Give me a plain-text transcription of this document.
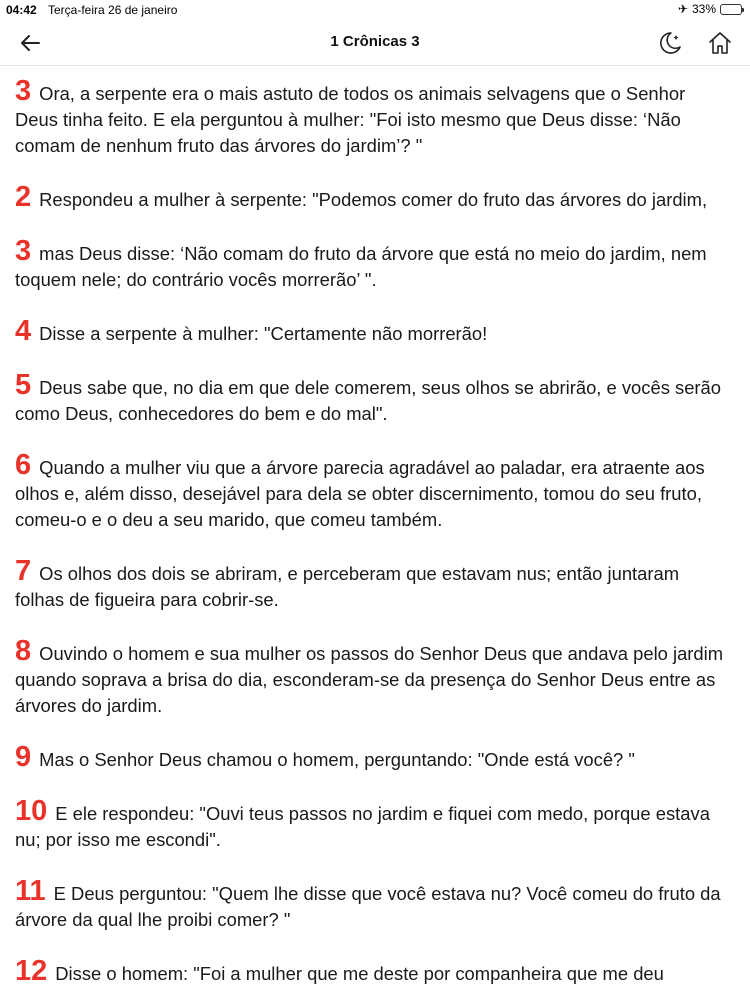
04:42 Terça-feira 26 de janeiro	✈ 33%
1 Crônicas 3

3 Ora, a serpente era o mais astuto de todos os animais selvagens que o Senhor Deus tinha feito. E ela perguntou à mulher: "Foi isto mesmo que Deus disse: ‘Não comam de nenhum fruto das árvores do jardim’? "

2 Respondeu a mulher à serpente: "Podemos comer do fruto das árvores do jardim,

3 mas Deus disse: ‘Não comam do fruto da árvore que está no meio do jardim, nem toquem nele; do contrário vocês morrerão’ ".

4 Disse a serpente à mulher: "Certamente não morrerão!

5 Deus sabe que, no dia em que dele comerem, seus olhos se abrirão, e vocês serão como Deus, conhecedores do bem e do mal".

6 Quando a mulher viu que a árvore parecia agradável ao paladar, era atraente aos olhos e, além disso, desejável para dela se obter discernimento, tomou do seu fruto, comeu-o e o deu a seu marido, que comeu também.

7 Os olhos dos dois se abriram, e perceberam que estavam nus; então juntaram folhas de figueira para cobrir-se.

8 Ouvindo o homem e sua mulher os passos do Senhor Deus que andava pelo jardim quando soprava a brisa do dia, esconderam-se da presença do Senhor Deus entre as árvores do jardim.

9 Mas o Senhor Deus chamou o homem, perguntando: "Onde está você? "

10 E ele respondeu: "Ouvi teus passos no jardim e fiquei com medo, porque estava nu; por isso me escondi".

11 E Deus perguntou: "Quem lhe disse que você estava nu? Você comeu do fruto da árvore da qual lhe proibi comer? "

12 Disse o homem: "Foi a mulher que me deste por companheira que me deu
